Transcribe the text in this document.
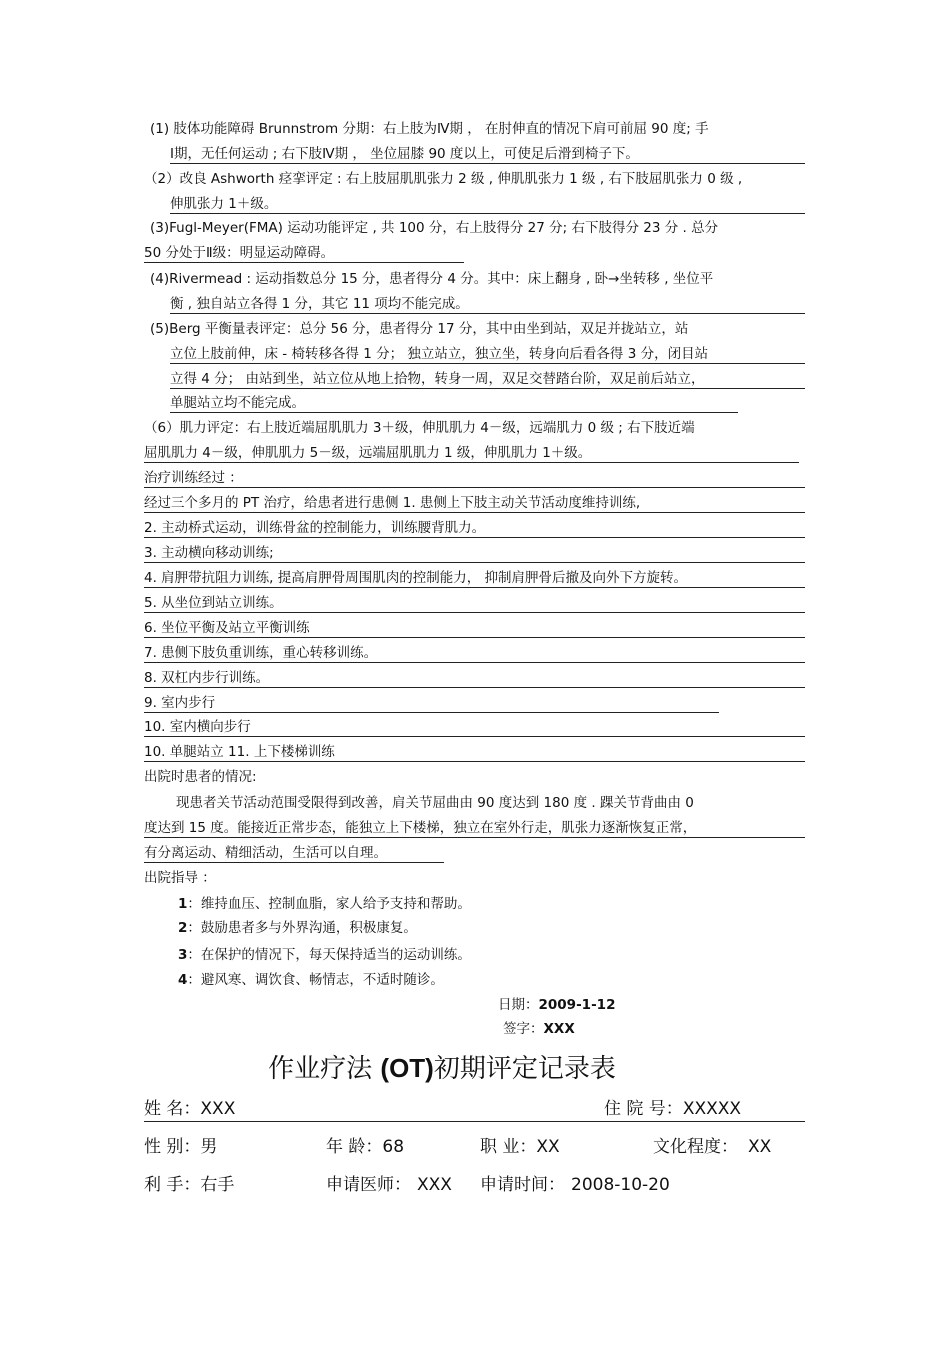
(1) 肢体功能障碍 Brunnstrom 分期：右上肢为Ⅳ期 ， 在肘伸直的情况下肩可前屈 90 度; 手
Ⅰ期，无任何运动 ; 右下肢Ⅳ期 ， 坐位屈膝 90 度以上，可使足后滑到椅子下。
（2）改良 Ashworth 痉挛评定 : 右上肢屈肌肌张力 2 级 , 伸肌肌张力 1 级 , 右下肢屈肌张力 0 级 ,
伸肌张力 1＋级。
(3)Fugl-Meyer(FMA) 运动功能评定 , 共 100 分，右上肢得分 27 分; 右下肢得分 23 分 . 总分
50 分处于Ⅱ级：明显运动障碍。
(4)Rivermead : 运动指数总分 15 分，患者得分 4 分。其中：床上翻身 , 卧→坐转移 , 坐位平
衡 , 独自站立各得 1 分，其它 11 项均不能完成。
(5)Berg 平衡量表评定：总分 56 分，患者得分 17 分，其中由坐到站，双足并拢站立，站
立位上肢前伸，床 - 椅转移各得 1 分； 独立站立，独立坐，转身向后看各得 3 分，闭目站
立得 4 分； 由站到坐，站立位从地上拾物，转身一周，双足交替踏台阶，双足前后站立，
单腿站立均不能完成。
（6）肌力评定：右上肢近端屈肌肌力 3＋级，伸肌肌力 4－级，远端肌力 0 级 ; 右下肢近端
屈肌肌力 4－级，伸肌肌力 5－级，远端屈肌肌力 1 级，伸肌肌力 1＋级。
治疗训练经过 ：
经过三个多月的 PT 治疗，给患者进行患侧 1. 患侧上下肢主动关节活动度维持训练,
2. 主动桥式运动，训练骨盆的控制能力，训练腰背肌力。
3. 主动横向移动训练;
4. 肩胛带抗阻力训练, 提高肩胛骨周围肌肉的控制能力， 抑制肩胛骨后撤及向外下方旋转。
5. 从坐位到站立训练。
6. 坐位平衡及站立平衡训练
7. 患侧下肢负重训练，重心转移训练。
8. 双杠内步行训练。
9. 室内步行
10. 室内横向步行
10. 单腿站立 11. 上下楼梯训练
出院时患者的情况:
现患者关节活动范围受限得到改善，肩关节屈曲由 90 度达到 180 度 . 踝关节背曲由 0
度达到 15 度。能接近正常步态，能独立上下楼梯，独立在室外行走，肌张力逐渐恢复正常，
有分离运动、精细活动，生活可以自理。
出院指导 ：
1：维持血压、控制血脂，家人给予支持和帮助。
2：鼓励患者多与外界沟通，积极康复。
3：在保护的情况下，每天保持适当的运动训练。
4：避风寒、调饮食、畅情志，不适时随诊。
日期：2009-1-12
签字：XXX
作业疗法 (OT)初期评定记录表
姓 名：XXX	住 院 号：XXXXX
性 别：男	年 龄：68	职 业：XX	文化程度： XX
利 手：右手	申请医师： XXX 申请时间： 2008-10-20
